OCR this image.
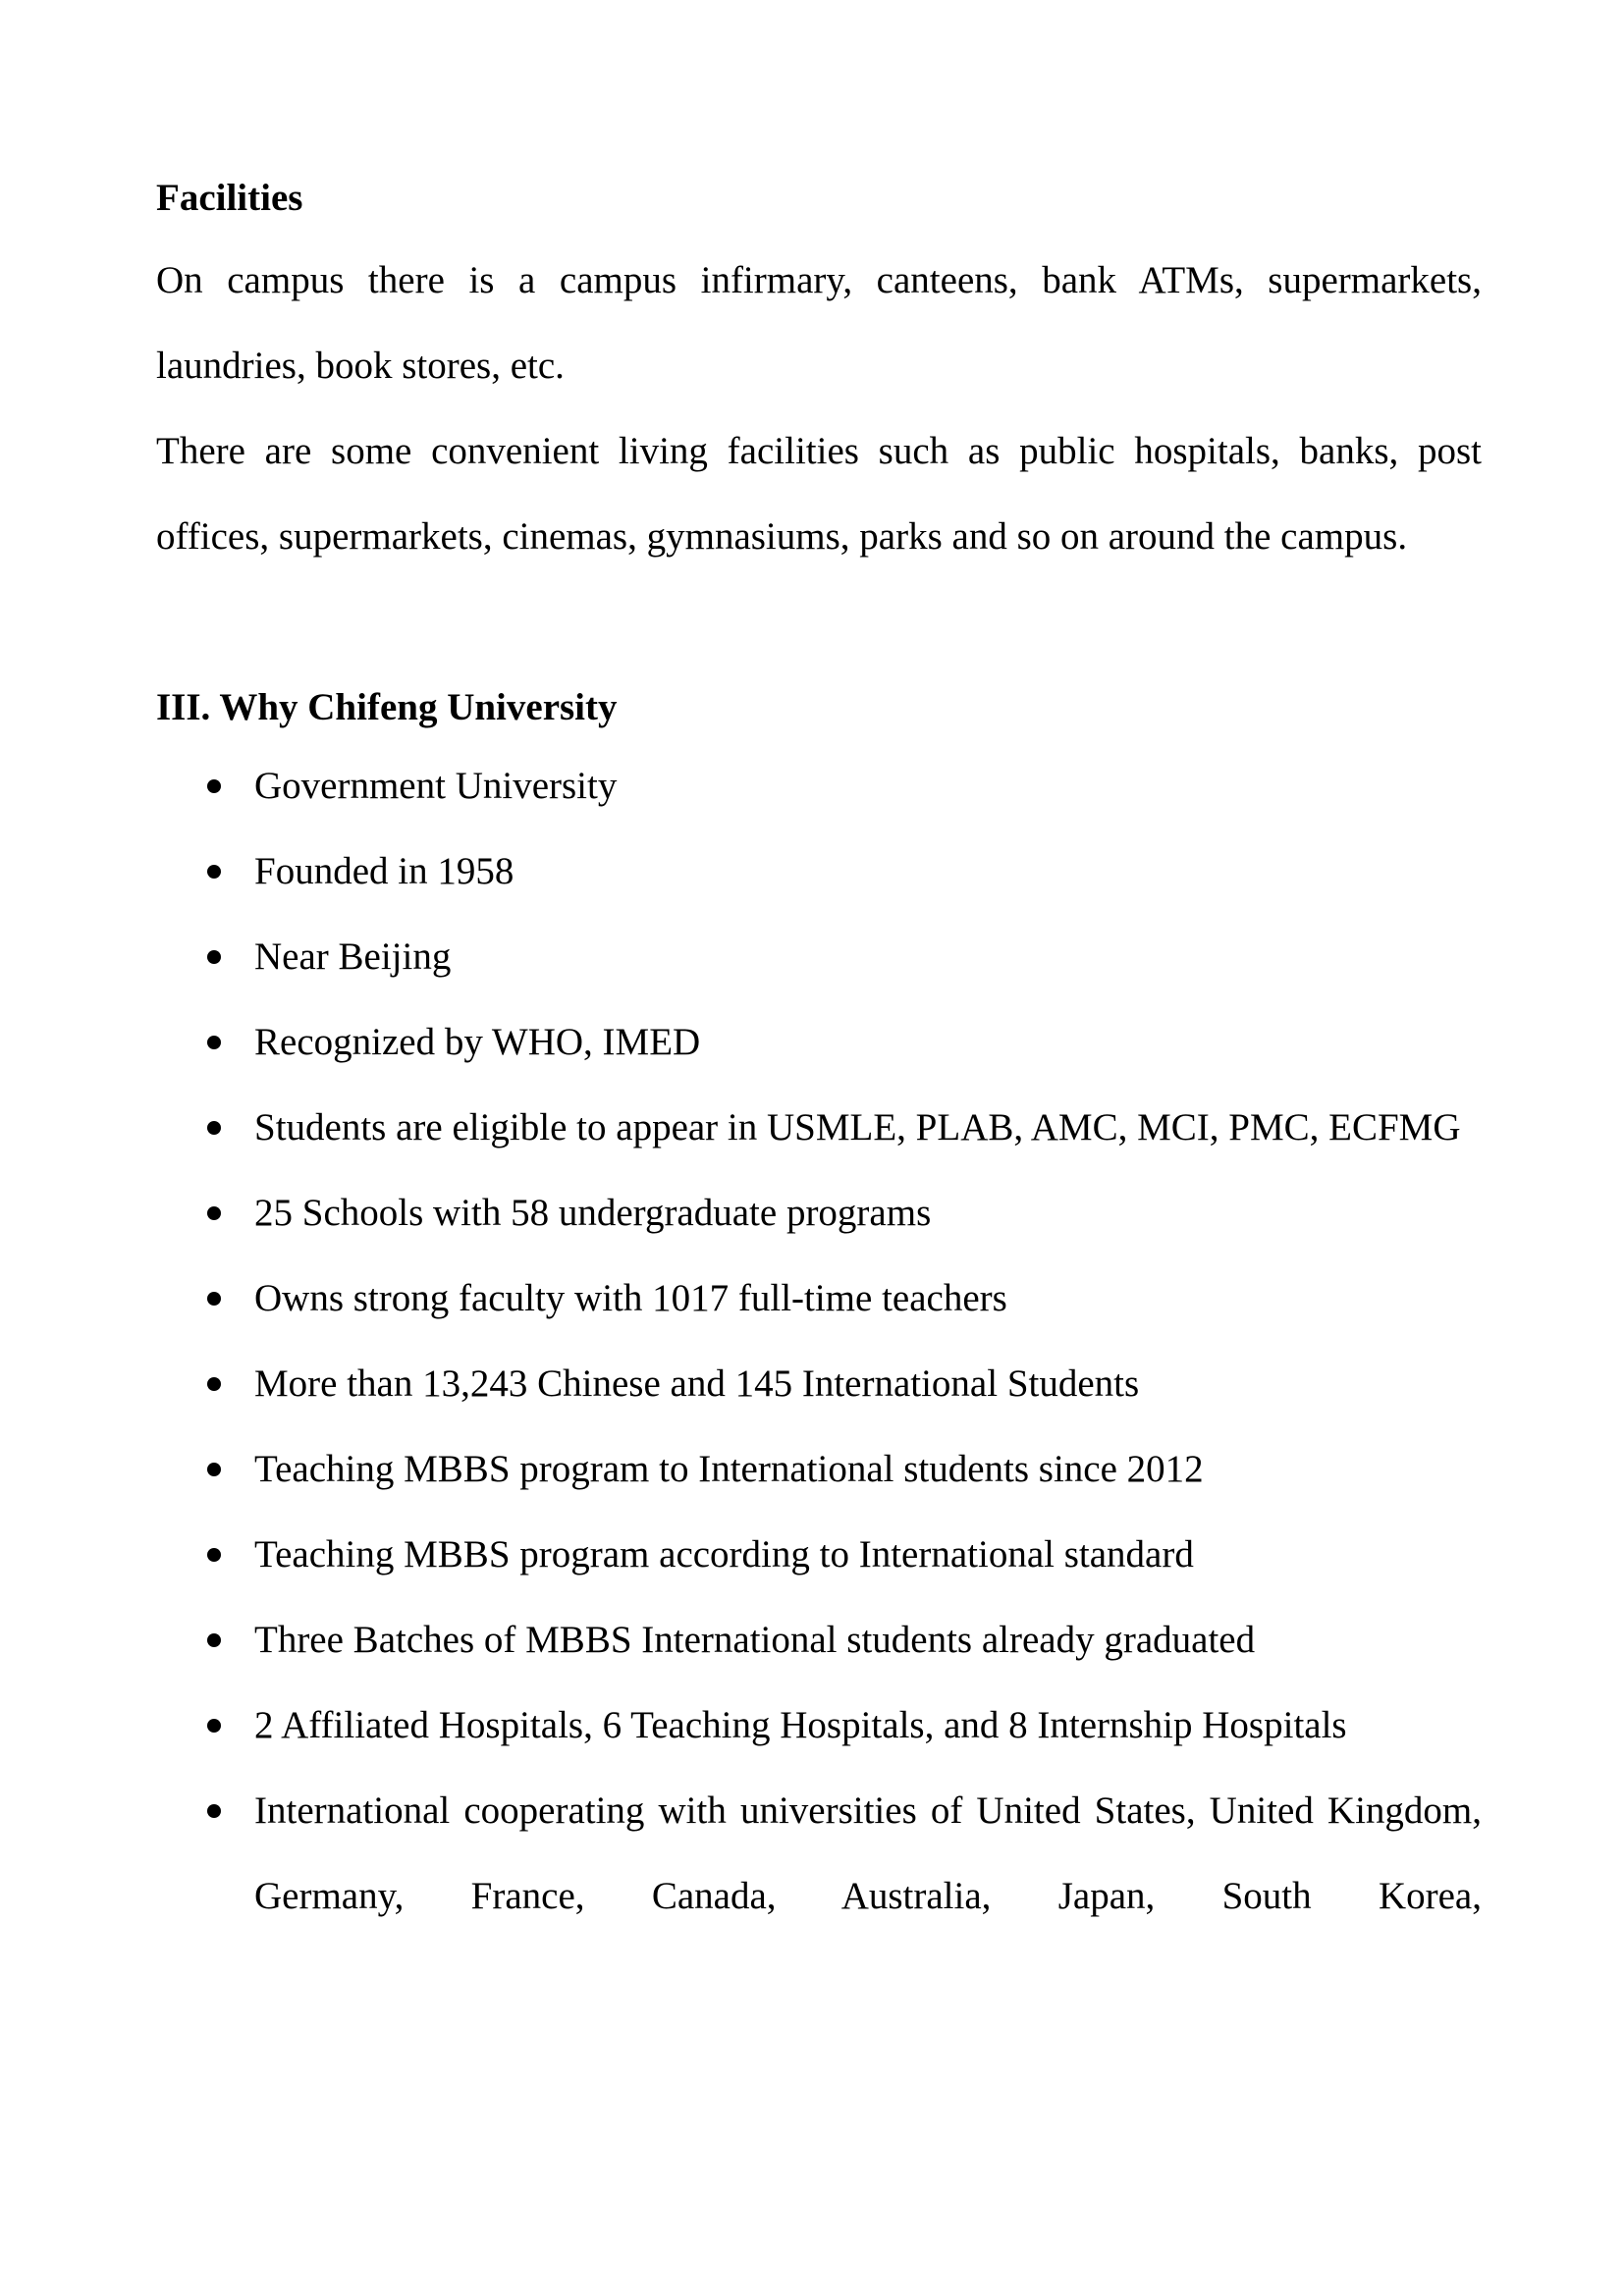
Facilities

On campus there is a campus infirmary, canteens, bank ATMs, supermarkets, laundries, book stores, etc.

There are some convenient living facilities such as public hospitals, banks, post offices, supermarkets, cinemas, gymnasiums, parks and so on around the campus.

III. Why Chifeng University
Government University
Founded in 1958
Near Beijing
Recognized by WHO, IMED
Students are eligible to appear in USMLE, PLAB, AMC, MCI, PMC, ECFMG
25 Schools with 58 undergraduate programs
Owns strong faculty with 1017 full-time teachers
More than 13,243 Chinese and 145 International Students
Teaching MBBS program to International students since 2012
Teaching MBBS program according to International standard
Three Batches of MBBS International students already graduated
2 Affiliated Hospitals, 6 Teaching Hospitals, and 8 Internship Hospitals
International cooperating with universities of United States, United Kingdom, Germany, France, Canada, Australia, Japan, South Korea,
